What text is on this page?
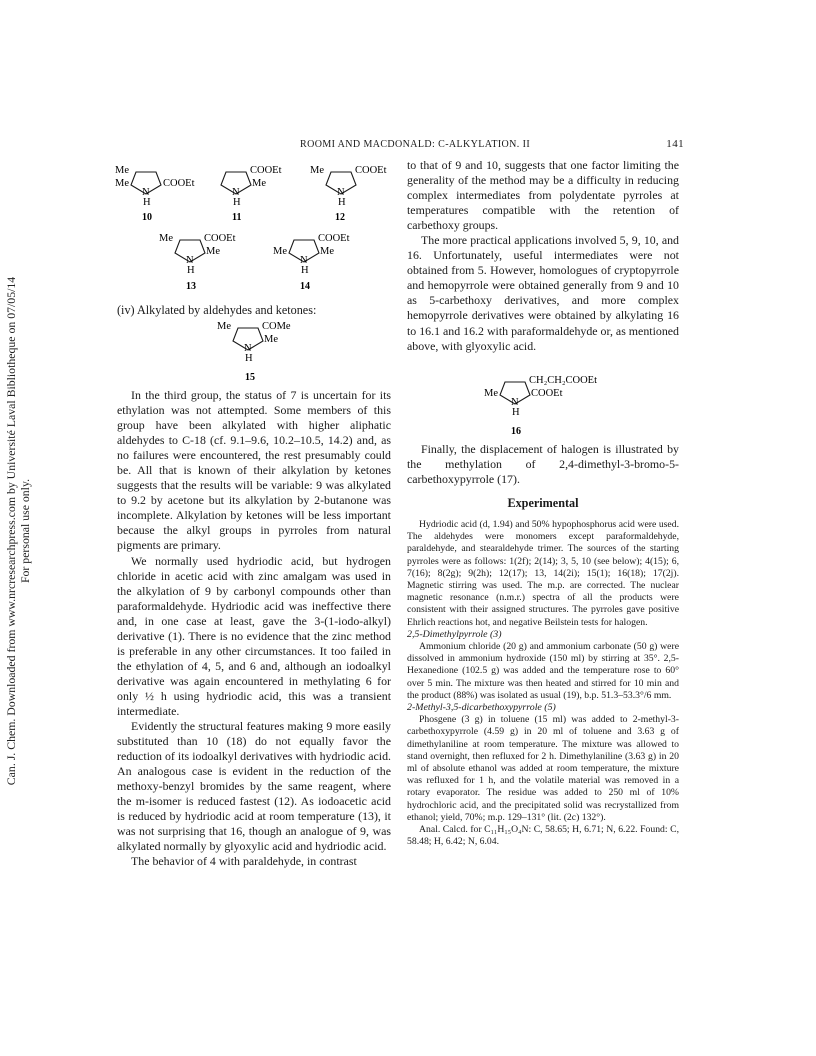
Can. J. Chem. Downloaded from www.nrcresearchpress.com by Université Laval Bibliotheque on 07/05/14 For personal use only.
ROOMI AND MACDONALD: C-ALKYLATION. II	141
Me
Me	COOEt
N
H
10
COOEt
Me
N
H
11
Me	COOEt
N
H
12
Me	COOEt
Me
N
H
13
Me
COOEt
Me
N
H
14
(iv) Alkylated by aldehydes and ketones:
Me	COMe
Me
N
H
15

In the third group, the status of 7 is uncertain for its ethylation was not attempted. Some members of this group have been alkylated with higher aliphatic aldehydes to C-18 (cf. 9.1–9.6, 10.2–10.5, 14.2) and, as no failures were encountered, the rest presumably could be. All that is known of their alkylation by ketones suggests that the results will be variable: 9 was alkylated to 9.2 by acetone but its alkylation by 2-butanone was incomplete. Alkylation by ketones will be less important because the alkyl groups in pyrroles from natural pigments are primary.

We normally used hydriodic acid, but hydrogen chloride in acetic acid with zinc amalgam was used in the alkylation of 9 by carbonyl compounds other than paraformaldehyde. Hydriodic acid was ineffective there and, in one case at least, gave the 3-(1-iodo-alkyl) derivative (1). There is no evidence that the zinc method is preferable in any other circumstances. It too failed in the ethylation of 4, 5, and 6 and, although an iodoalkyl derivative was again encountered in methylating 6 for only ½ h using hydriodic acid, this was a transient intermediate.

Evidently the structural features making 9 more easily substituted than 10 (18) do not equally favor the reduction of its iodoalkyl derivatives with hydriodic acid. An analogous case is evident in the reduction of the methoxy-benzyl bromides by the same reagent, where the m-isomer is reduced fastest (12). As iodoacetic acid is reduced by hydriodic acid at room temperature (13), it was not surprising that 16, though an analogue of 9, was alkylated normally by glyoxylic acid and hydriodic acid.

The behavior of 4 with paraldehyde, in contrast

to that of 9 and 10, suggests that one factor limiting the generality of the method may be a difficulty in reducing complex intermediates from polydentate pyrroles at temperatures compatible with the retention of carbethoxy groups.

The more practical applications involved 5, 9, 10, and 16. Unfortunately, useful intermediates were not obtained from 5. However, homologues of cryptopyrrole and hemopyrrole were obtained generally from 9 and 10 as 5-carbethoxy derivatives, and more complex hemopyrrole derivatives were obtained by alkylating 16 to 16.1 and 16.2 with paraformaldehyde or, as mentioned above, with glyoxylic acid.

Me
CH₂CH₂COOEt
COOEt
N
H
16

Finally, the displacement of halogen is illustrated by the methylation of 2,4-dimethyl-3-bromo-5-carbethoxypyrrole (17).

Experimental

Hydriodic acid (d, 1.94) and 50% hypophosphorus acid were used. The aldehydes were monomers except paraformaldehyde, paraldehyde, and stearaldehyde trimer. The sources of the starting pyrroles were as follows: 1(2f); 2(14); 3, 5, 10 (see below); 4(15); 6, 7(16); 8(2g); 9(2h); 12(17); 13, 14(2i); 15(1); 16(18); 17(2j). Magnetic stirring was used. The m.p. are corrected. The nuclear magnetic resonance (n.m.r.) spectra of all the products were consistent with their assigned structures. The pyrroles gave positive Ehrlich reactions hot, and negative Beilstein tests for halogen.

2,5-Dimethylpyrrole (3)

Ammonium chloride (20 g) and ammonium carbonate (50 g) were dissolved in ammonium hydroxide (150 ml) by stirring at 35°. 2,5-Hexanedione (102.5 g) was added and the temperature rose to 60° over 5 min. The mixture was then heated and stirred for 10 min and the product (88%) was isolated as usual (19), b.p. 51.3–53.3°/6 mm.

2-Methyl-3,5-dicarbethoxypyrrole (5)

Phosgene (3 g) in toluene (15 ml) was added to 2-methyl-3-carbethoxypyrrole (4.59 g) in 20 ml of toluene and 3.63 g of dimethylaniline at room temperature. The mixture was allowed to stand overnight, then refluxed for 2 h. Dimethylaniline (3.63 g) in 20 ml of absolute ethanol was added at room temperature, the mixture was refluxed for 1 h, and the volatile material was removed in a rotary evaporator. The residue was added to 250 ml of 10% hydrochloric acid, and the precipitated solid was recrystallized from ethanol; yield, 70%; m.p. 129–131° (lit. (2c) 132°).

Anal. Calcd. for C₁₁H₁₅O₄N: C, 58.65; H, 6.71; N, 6.22. Found: C, 58.48; H, 6.42; N, 6.04.
